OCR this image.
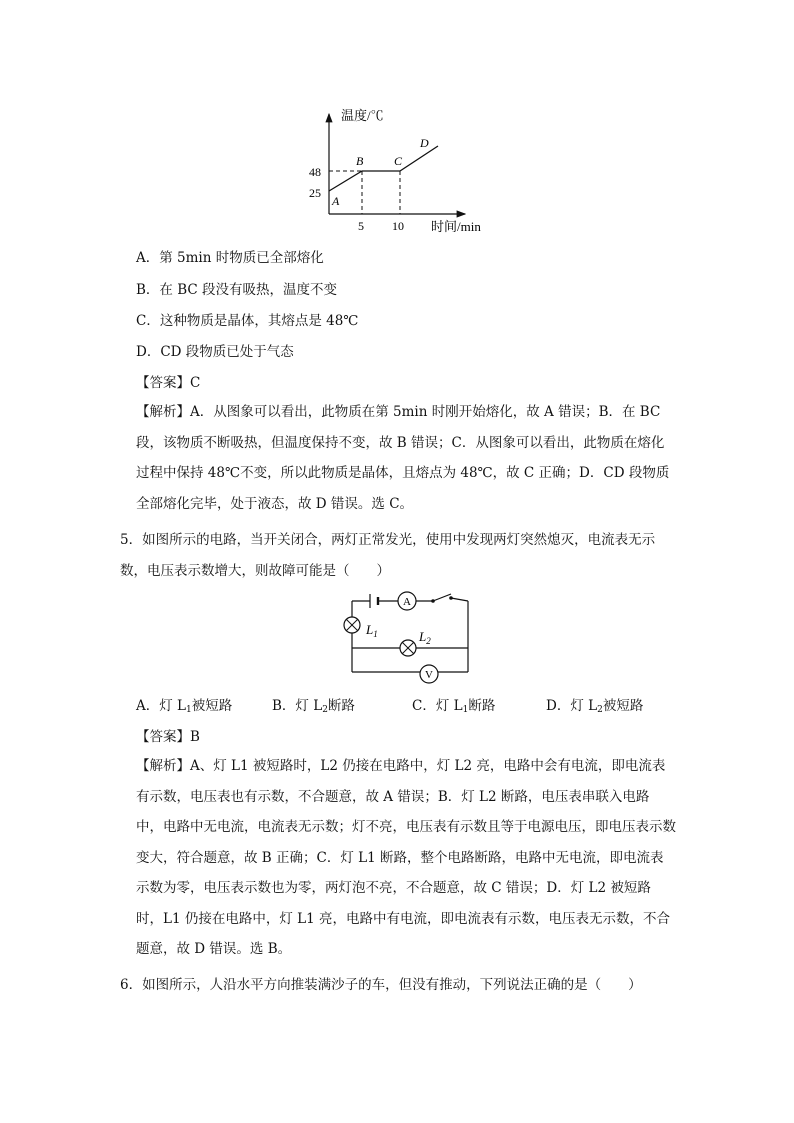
温度/℃
时间/min
48
25
5 10
A
B	C
D
A．第 5min 时物质已全部熔化
B．在 BC 段没有吸热，温度不变
C．这种物质是晶体，其熔点是 48℃
D．CD 段物质已处于气态
【答案】C

【解析】A．从图象可以看出，此物质在第 5min 时刚开始熔化，故 A 错误；B．在 BC 段，该物质不断吸热，但温度保持不变，故 B 错误；C．从图象可以看出，此物质在熔化过程中保持 48℃不变，所以此物质是晶体，且熔点为 48℃，故 C 正确；D．CD 段物质全部熔化完毕，处于液态，故 D 错误。选 C。

5．如图所示的电路，当开关闭合，两灯正常发光，使用中发现两灯突然熄灭，电流表无示数，电压表示数增大，则故障可能是（　　）
A
$L_1$	$L_2$
V
A．灯 $L_1$被短路	B．灯 $L_2$断路	C．灯 $L_1$断路	D．灯 $L_2$被短路
【答案】B

【解析】A、灯 L1 被短路时，L2 仍接在电路中，灯 L2 亮，电路中会有电流，即电流表有示数，电压表也有示数，不合题意，故 A 错误；B．灯 L2 断路，电压表串联入电路中，电路中无电流，电流表无示数；灯不亮，电压表有示数且等于电源电压，即电压表示数变大，符合题意，故 B 正确；C．灯 L1 断路，整个电路断路，电路中无电流，即电流表示数为零，电压表示数也为零，两灯泡不亮，不合题意，故 C 错误；D．灯 L2 被短路时，L1 仍接在电路中，灯 L1 亮，电路中有电流，即电流表有示数，电压表无示数，不合题意，故 D 错误。选 B。

6．如图所示，人沿水平方向推装满沙子的车，但没有推动，下列说法正确的是（　　）
